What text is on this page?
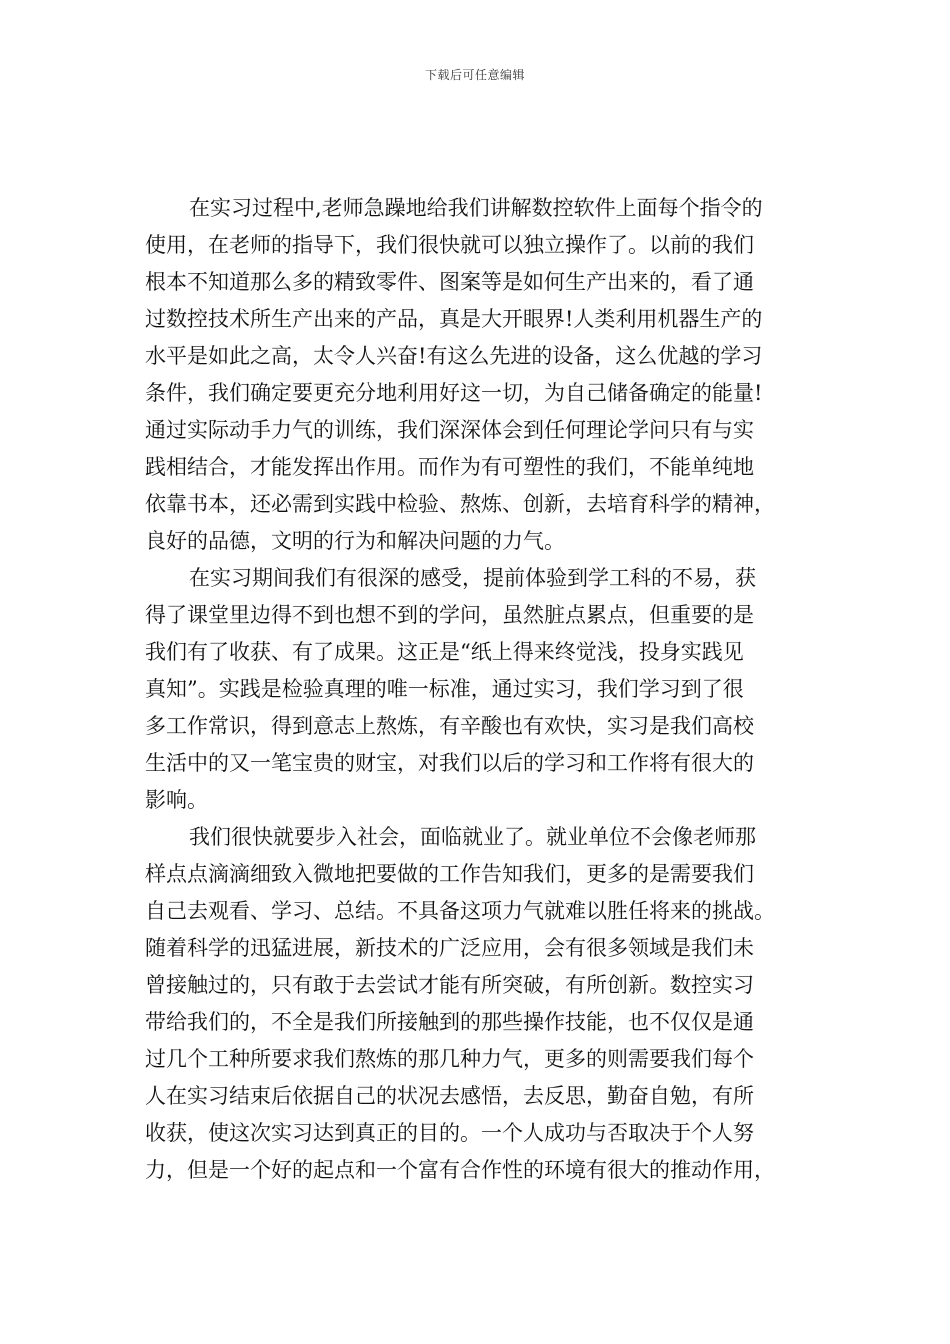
下载后可任意编辑
在实习过程中,老师急躁地给我们讲解数控软件上面每个指令的
使用，在老师的指导下，我们很快就可以独立操作了。以前的我们
根本不知道那么多的精致零件、图案等是如何生产出来的，看了通
过数控技术所生产出来的产品，真是大开眼界!人类利用机器生产的
水平是如此之高，太令人兴奋!有这么先进的设备，这么优越的学习
条件，我们确定要更充分地利用好这一切，为自己储备确定的能量!
通过实际动手力气的训练，我们深深体会到任何理论学问只有与实
践相结合，才能发挥出作用。而作为有可塑性的我们，不能单纯地
依靠书本，还必需到实践中检验、熬炼、创新，去培育科学的精神，
良好的品德，文明的行为和解决问题的力气。
在实习期间我们有很深的感受，提前体验到学工科的不易，获
得了课堂里边得不到也想不到的学问，虽然脏点累点，但重要的是
我们有了收获、有了成果。这正是“纸上得来终觉浅，投身实践见
真知”。实践是检验真理的唯一标准，通过实习，我们学习到了很
多工作常识，得到意志上熬炼，有辛酸也有欢快，实习是我们高校
生活中的又一笔宝贵的财宝，对我们以后的学习和工作将有很大的
影响。
我们很快就要步入社会，面临就业了。就业单位不会像老师那
样点点滴滴细致入微地把要做的工作告知我们，更多的是需要我们
自己去观看、学习、总结。不具备这项力气就难以胜任将来的挑战。
随着科学的迅猛进展，新技术的广泛应用，会有很多领域是我们未
曾接触过的，只有敢于去尝试才能有所突破，有所创新。数控实习
带给我们的，不全是我们所接触到的那些操作技能，也不仅仅是通
过几个工种所要求我们熬炼的那几种力气，更多的则需要我们每个
人在实习结束后依据自己的状况去感悟，去反思，勤奋自勉，有所
收获，使这次实习达到真正的目的。一个人成功与否取决于个人努
力，但是一个好的起点和一个富有合作性的环境有很大的推动作用，
